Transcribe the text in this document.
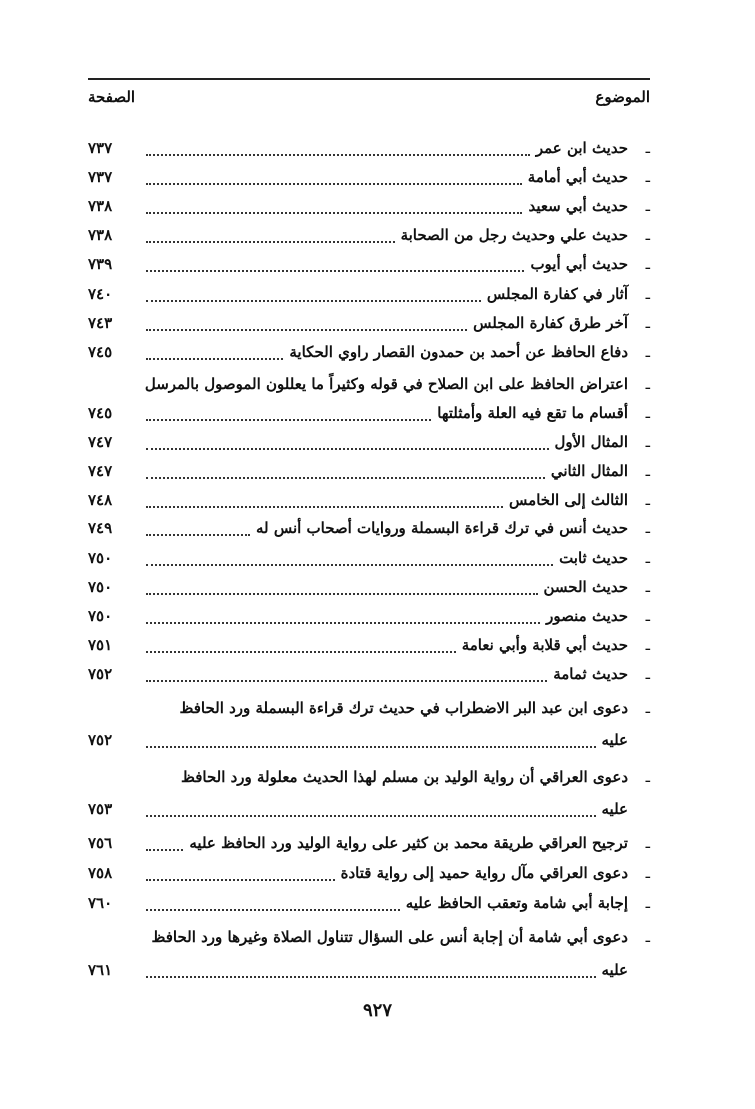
الموضوع
الصفحة
ـ
حديث ابن عمر
٧٣٧
ـ
حديث أبي أمامة
٧٣٧
ـ
حديث أبي سعيد
٧٣٨
ـ
حديث علي وحديث رجل من الصحابة
٧٣٨
ـ
حديث أبي أيوب
٧٣٩
ـ
آثار في كفارة المجلس
٧٤٠
ـ
آخر طرق كفارة المجلس
٧٤٣
ـ
دفاع الحافظ عن أحمد بن حمدون القصار راوي الحكاية
٧٤٥
ـ
اعتراض الحافظ على ابن الصلاح في قوله وكثيراً ما يعللون الموصول بالمرسل
ـ
أقسام ما تقع فيه العلة وأمثلتها
٧٤٥
ـ
المثال الأول
٧٤٧
ـ
المثال الثاني
٧٤٧
ـ
الثالث إلى الخامس
٧٤٨
ـ
حديث أنس في ترك قراءة البسملة وروايات أصحاب أنس له
٧٤٩
ـ
حديث ثابت
٧٥٠
ـ
حديث الحسن
٧٥٠
ـ
حديث منصور
٧٥٠
ـ
حديث أبي قلابة وأبي نعامة
٧٥١
ـ
حديث ثمامة
٧٥٢
ـ
دعوى ابن عبد البر الاضطراب في حديث ترك قراءة البسملة ورد الحافظ
عليه
٧٥٢
ـ
دعوى العراقي أن رواية الوليد بن مسلم لهذا الحديث معلولة ورد الحافظ
عليه
٧٥٣
ـ
ترجيح العراقي طريقة محمد بن كثير على رواية الوليد ورد الحافظ عليه
٧٥٦
ـ
دعوى العراقي مآل رواية حميد إلى رواية قتادة
٧٥٨
ـ
إجابة أبي شامة وتعقب الحافظ عليه
٧٦٠
ـ
دعوى أبي شامة أن إجابة أنس على السؤال تتناول الصلاة وغيرها ورد الحافظ
عليه
٧٦١
٩٢٧
